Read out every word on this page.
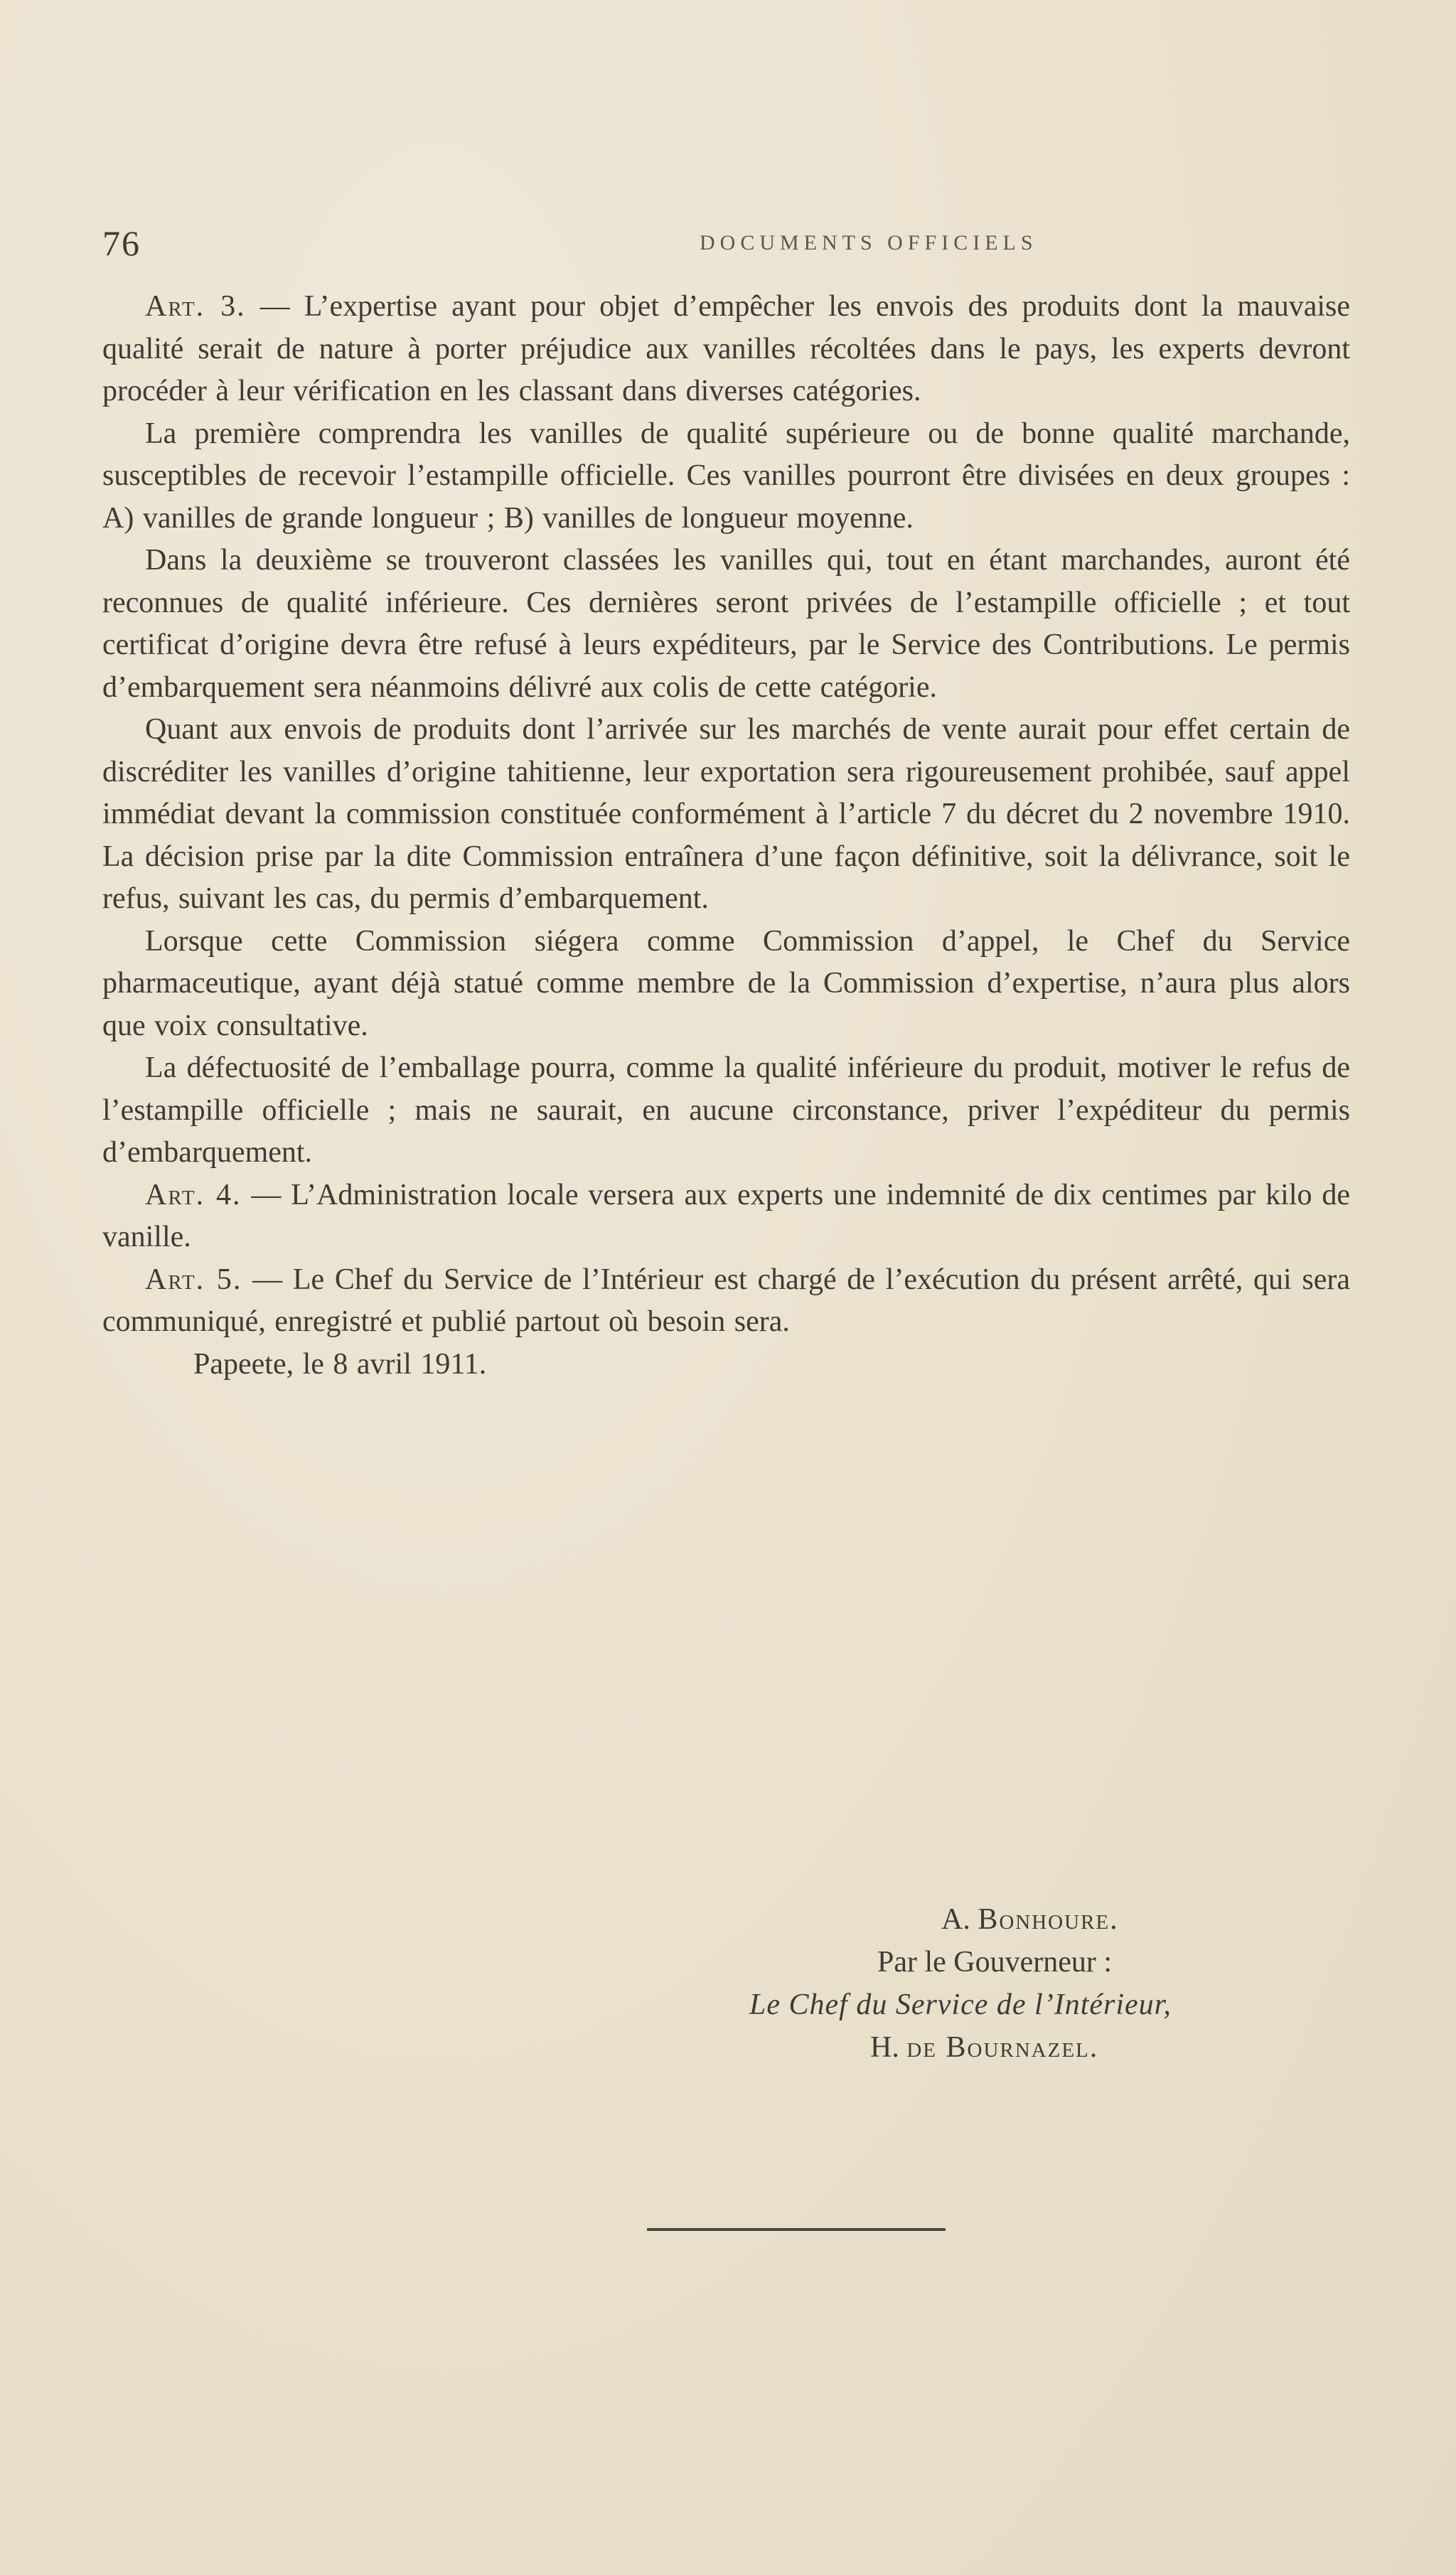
76	DOCUMENTS OFFICIELS

Art. 3. — L’expertise ayant pour objet d’empêcher les envois des produits dont la mauvaise qualité serait de nature à porter préjudice aux vanilles récoltées dans le pays, les experts devront procéder à leur vérification en les classant dans diverses catégories.

La première comprendra les vanilles de qualité supérieure ou de bonne qualité marchande, susceptibles de recevoir l’estampille officielle. Ces vanilles pourront être divisées en deux groupes : A) vanilles de grande longueur ; B) vanilles de longueur moyenne.

Dans la deuxième se trouveront classées les vanilles qui, tout en étant marchandes, auront été reconnues de qualité inférieure. Ces dernières seront privées de l’estampille officielle ; et tout certificat d’origine devra être refusé à leurs expéditeurs, par le Service des Contributions. Le permis d’embarquement sera néanmoins délivré aux colis de cette catégorie.

Quant aux envois de produits dont l’arrivée sur les marchés de vente aurait pour effet certain de discréditer les vanilles d’origine tahitienne, leur exportation sera rigoureusement prohibée, sauf appel immédiat devant la commission constituée conformément à l’article 7 du décret du 2 novembre 1910. La décision prise par la dite Commission entraînera d’une façon définitive, soit la délivrance, soit le refus, suivant les cas, du permis d’embarquement.

Lorsque cette Commission siégera comme Commission d’appel, le Chef du Service pharmaceutique, ayant déjà statué comme membre de la Commission d’expertise, n’aura plus alors que voix consultative.

La défectuosité de l’emballage pourra, comme la qualité inférieure du produit, motiver le refus de l’estampille officielle ; mais ne saurait, en aucune circonstance, priver l’expéditeur du permis d’embarquement.

Art. 4. — L’Administration locale versera aux experts une indemnité de dix centimes par kilo de vanille.

Art. 5. — Le Chef du Service de l’Intérieur est chargé de l’exécution du présent arrêté, qui sera communiqué, enregistré et publié partout où besoin sera.

Papeete, le 8 avril 1911.

A. Bonhoure.
Par le Gouverneur :
Le Chef du Service de l’Intérieur,
H. de Bournazel.
